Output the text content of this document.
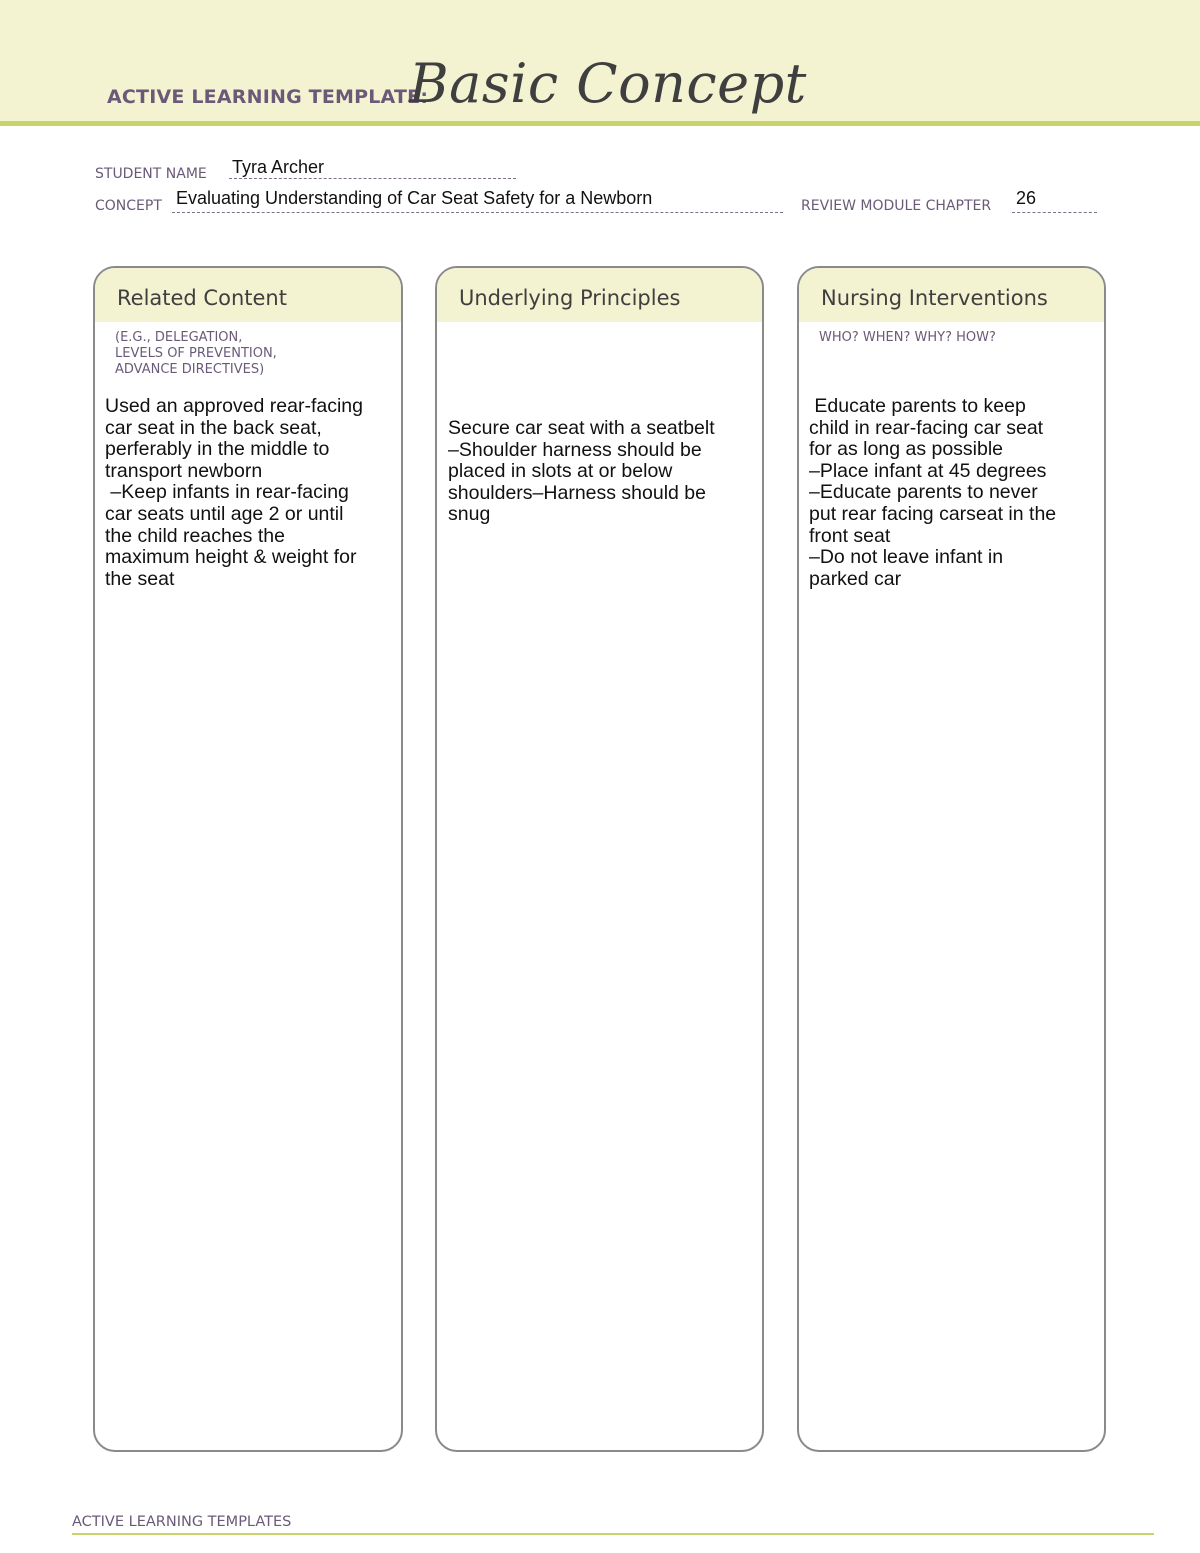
ACTIVE LEARNING TEMPLATE:
Basic Concept
STUDENT NAME Tyra Archer
CONCEPT Evaluating Understanding of Car Seat Safety for a Newborn	REVIEW MODULE CHAPTER 26
Related Content
(E.G., DELEGATION,
LEVELS OF PREVENTION,
ADVANCE DIRECTIVES)
Used an approved rear-facing
car seat in the back seat,
perferably in the middle to
transport newborn
–Keep infants in rear-facing
car seats until age 2 or until
the child reaches the
maximum height & weight for
the seat
Underlying Principles
Secure car seat with a seatbelt
–Shoulder harness should be
placed in slots at or below
shoulders–Harness should be
snug
Nursing Interventions
WHO? WHEN? WHY? HOW?
Educate parents to keep
child in rear-facing car seat
for as long as possible
–Place infant at 45 degrees
–Educate parents to never
put rear facing carseat in the
front seat
–Do not leave infant in
parked car
ACTIVE LEARNING TEMPLATES
